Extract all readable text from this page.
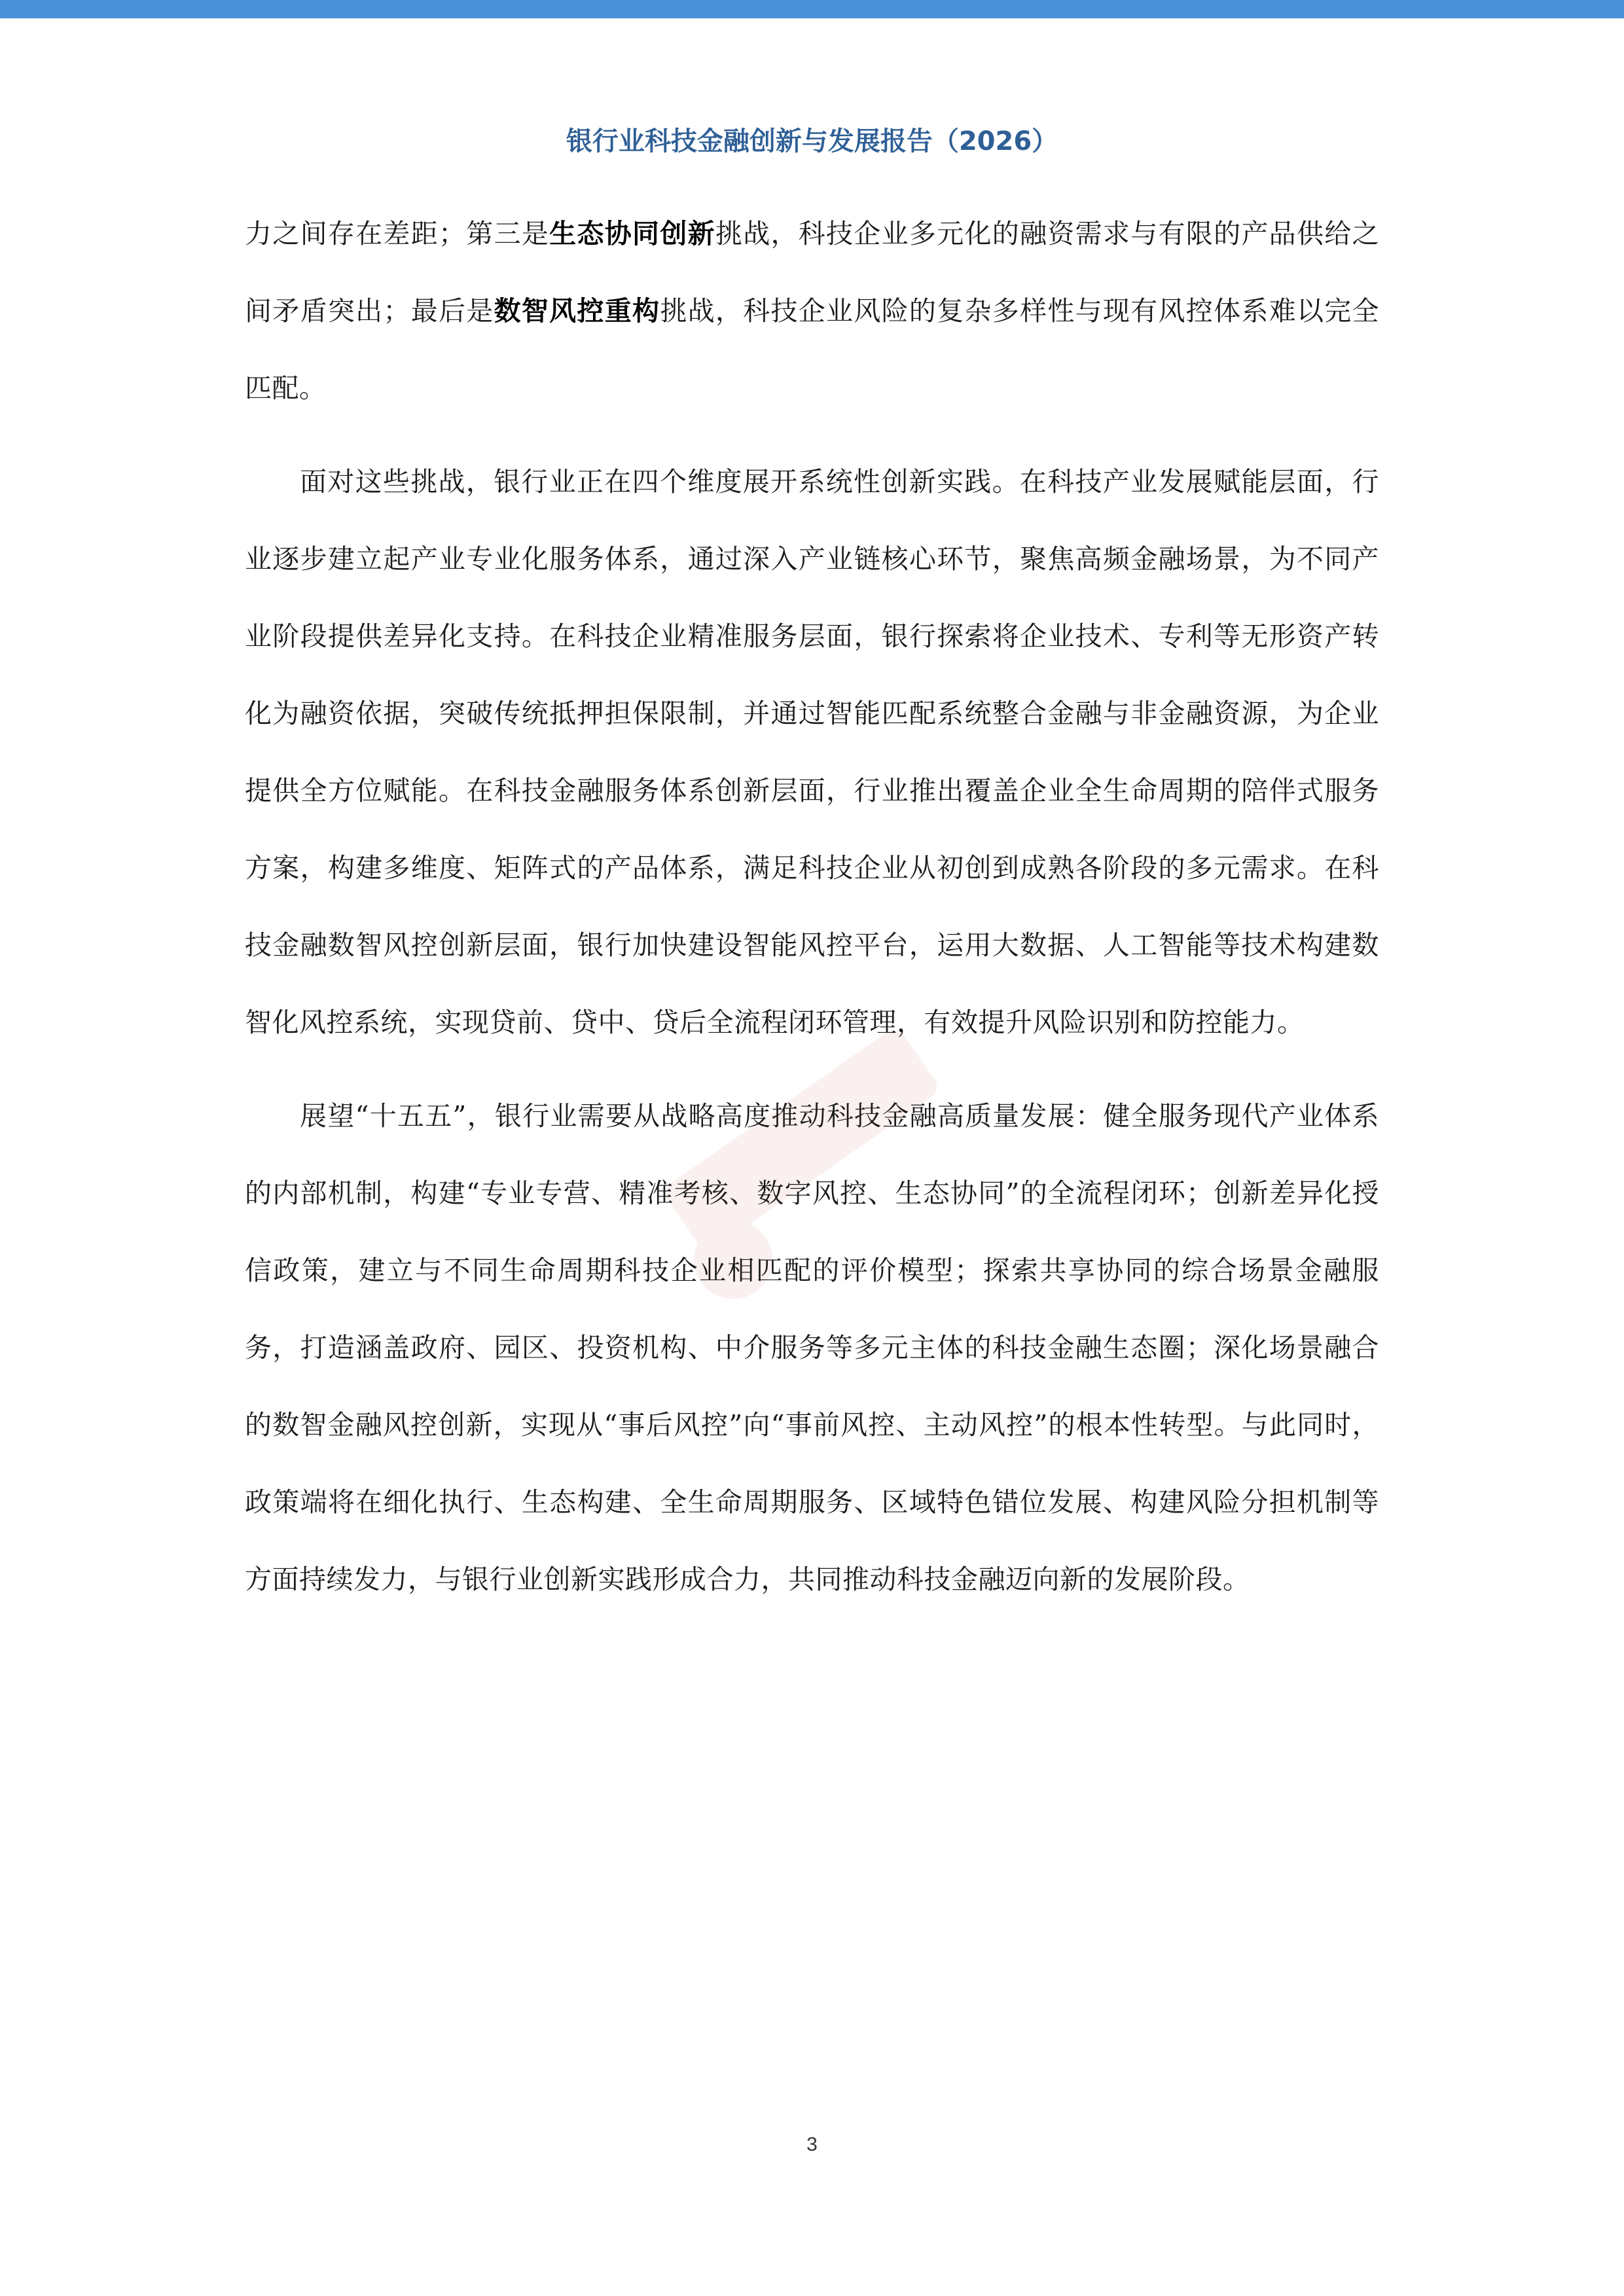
银行业科技金融创新与发展报告（2026）

力之间存在差距；第三是生态协同创新挑战，科技企业多元化的融资需求与有限的产品供给之间矛盾突出；最后是数智风控重构挑战，科技企业风险的复杂多样性与现有风控体系难以完全匹配。

面对这些挑战，银行业正在四个维度展开系统性创新实践。在科技产业发展赋能层面，行业逐步建立起产业专业化服务体系，通过深入产业链核心环节，聚焦高频金融场景，为不同产业阶段提供差异化支持。在科技企业精准服务层面，银行探索将企业技术、专利等无形资产转化为融资依据，突破传统抵押担保限制，并通过智能匹配系统整合金融与非金融资源，为企业提供全方位赋能。在科技金融服务体系创新层面，行业推出覆盖企业全生命周期的陪伴式服务方案，构建多维度、矩阵式的产品体系，满足科技企业从初创到成熟各阶段的多元需求。在科技金融数智风控创新层面，银行加快建设智能风控平台，运用大数据、人工智能等技术构建数智化风控系统，实现贷前、贷中、贷后全流程闭环管理，有效提升风险识别和防控能力。

展望“十五五”，银行业需要从战略高度推动科技金融高质量发展：健全服务现代产业体系的内部机制，构建“专业专营、精准考核、数字风控、生态协同”的全流程闭环；创新差异化授信政策，建立与不同生命周期科技企业相匹配的评价模型；探索共享协同的综合场景金融服务，打造涵盖政府、园区、投资机构、中介服务等多元主体的科技金融生态圈；深化场景融合的数智金融风控创新，实现从“事后风控”向“事前风控、主动风控”的根本性转型。与此同时，政策端将在细化执行、生态构建、全生命周期服务、区域特色错位发展、构建风险分担机制等方面持续发力，与银行业创新实践形成合力，共同推动科技金融迈向新的发展阶段。

3
